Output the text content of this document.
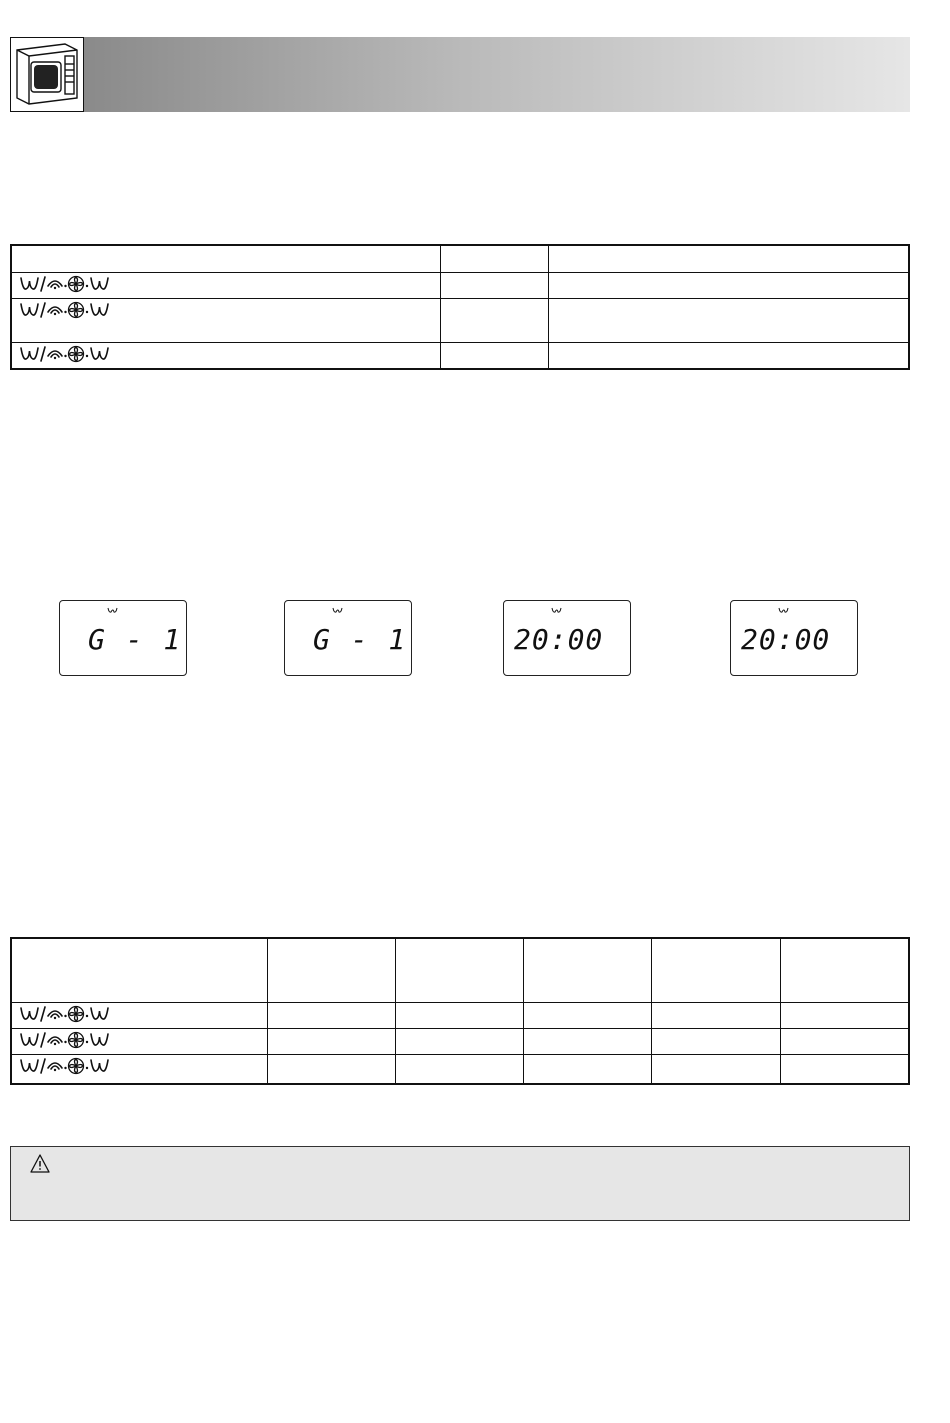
G - 1	G - 1	20:00	20:00
